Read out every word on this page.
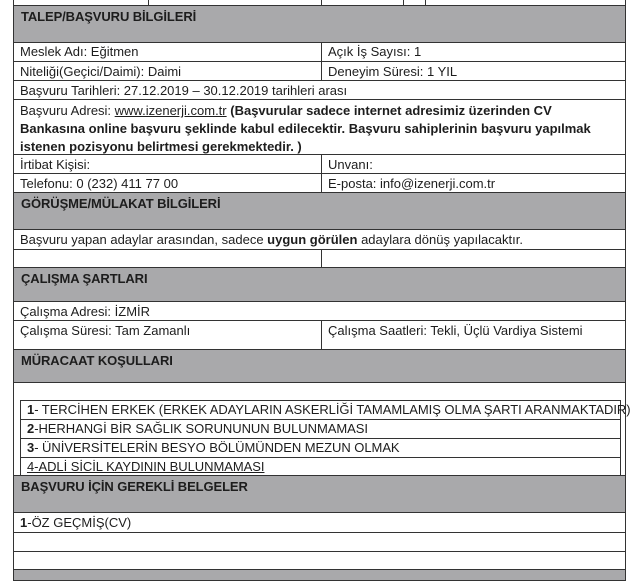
TALEP/BAŞVURU BİLGİLERİ
Meslek Adı: Eğitmen	Açık İş Sayısı: 1
Niteliği(Geçici/Daimi): Daimi	Deneyim Süresi: 1 YIL
Başvuru Tarihleri: 27.12.2019 – 30.12.2019 tarihleri arası
Başvuru Adresi: www.izenerji.com.tr (Başvurular sadece internet adresimiz üzerinden CV Bankasına online başvuru şeklinde kabul edilecektir. Başvuru sahiplerinin başvuru yapılmak istenen pozisyonu belirtmesi gerekmektedir. )
İrtibat Kişisi:	Unvanı:
Telefonu: 0 (232) 411 77 00	E-posta: info@izenerji.com.tr
GÖRÜŞME/MÜLAKAT BİLGİLERİ
Başvuru yapan adaylar arasından, sadece uygun görülen adaylara dönüş yapılacaktır.
ÇALIŞMA ŞARTLARI
Çalışma Adresi: İZMİR
Çalışma Süresi: Tam Zamanlı	Çalışma Saatleri: Tekli, Üçlü Vardiya Sistemi
MÜRACAAT KOŞULLARI
1- TERCİHEN ERKEK (ERKEK ADAYLARIN ASKERLİĞİ TAMAMLAMIŞ OLMA ŞARTI ARANMAKTADIR)
2-HERHANGİ BİR SAĞLIK SORUNUNUN BULUNMAMASI
3- ÜNİVERSİTELERİN BESYO BÖLÜMÜNDEN MEZUN OLMAK
4-ADLİ SİCİL KAYDININ BULUNMAMASI
BAŞVURU İÇİN GEREKLİ BELGELER
1-ÖZ GEÇMİŞ(CV)
